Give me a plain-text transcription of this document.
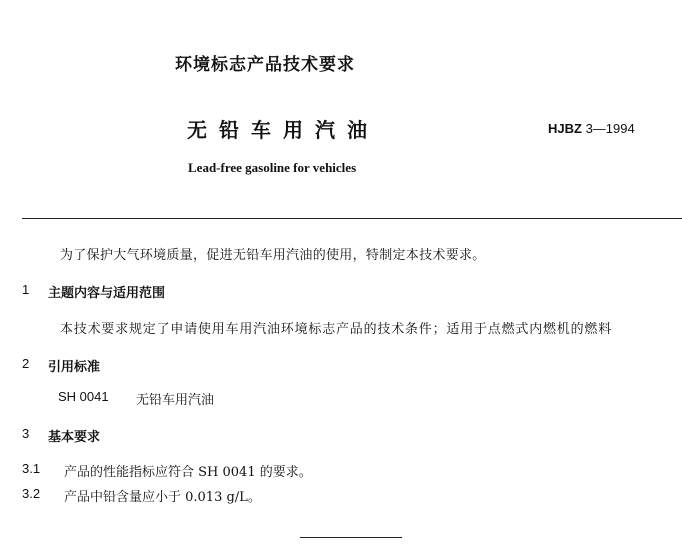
环境标志产品技术要求
无铅车用汽油	HJBZ 3—1994
Lead-free gasoline for vehicles
为了保护大气环境质量，促进无铅车用汽油的使用，特制定本技术要求。
1 主题内容与适用范围
本技术要求规定了申请使用车用汽油环境标志产品的技术条件；适用于点燃式内燃机的燃料
2 引用标准
SH 0041 无铅车用汽油
3 基本要求
3.1 产品的性能指标应符合 SH 0041 的要求。
3.2 产品中铅含量应小于 0.013 g/L。
